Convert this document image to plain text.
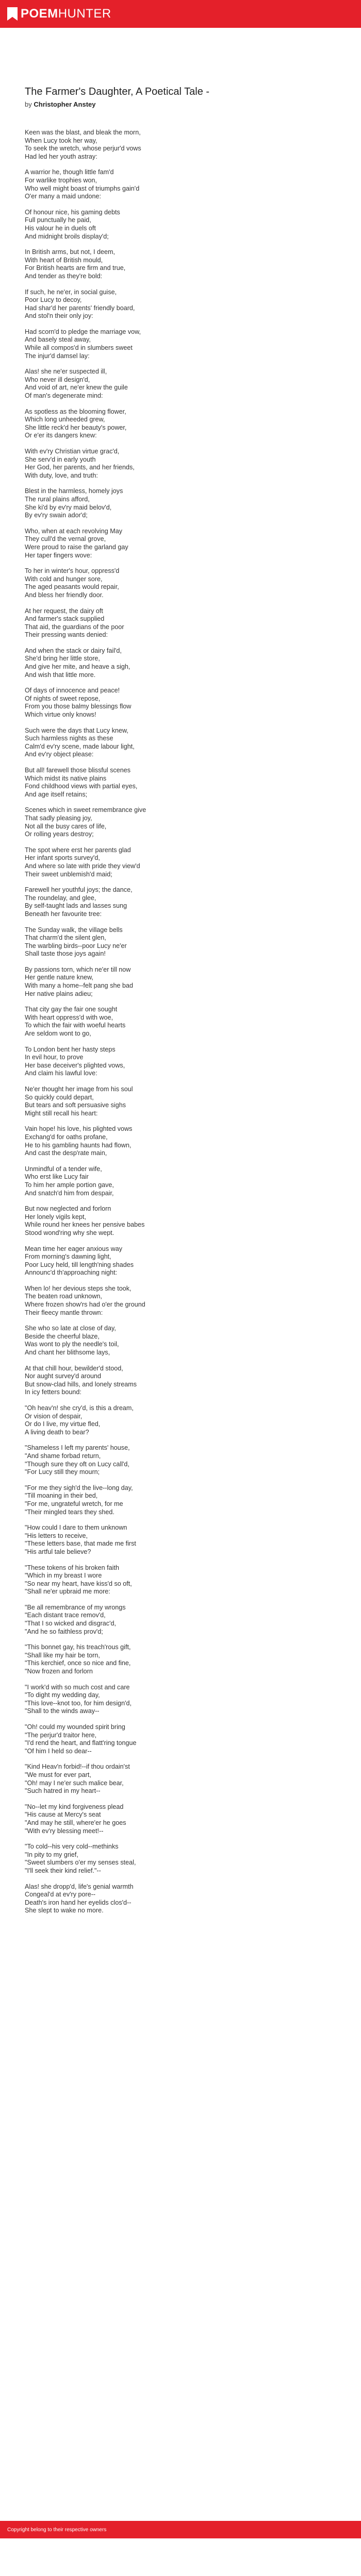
POEMHUNTER
The Farmer's Daughter, A Poetical Tale -

by Christopher Anstey

Keen was the blast, and bleak the morn,
When Lucy took her way,
To seek the wretch, whose perjur'd vows
Had led her youth astray:
A warrior he, though little fam'd
For warlike trophies won,
Who well might boast of triumphs gain'd
O'er many a maid undone:
Of honour nice, his gaming debts
Full punctually he paid,
His valour he in duels oft
And midnight broils display'd;
In British arms, but not, I deem,
With heart of British mould,
For British hearts are firm and true,
And tender as they're bold:
If such, he ne'er, in social guise,
Poor Lucy to decoy,
Had shar'd her parents' friendly board,
And stol'n their only joy:
Had scorn'd to pledge the marriage vow,
And basely steal away,
While all compos'd in slumbers sweet
The injur'd damsel lay:
Alas! she ne'er suspected ill,
Who never ill design'd,
And void of art, ne'er knew the guile
Of man's degenerate mind:
As spotless as the blooming flower,
Which long unheeded grew,
She little reck'd her beauty's power,
Or e'er its dangers knew:
With ev'ry Christian virtue grac'd,
She serv'd in early youth
Her God, her parents, and her friends,
With duty, love, and truth:
Blest in the harmless, homely joys
The rural plains afford,
She ki'd by ev'ry maid belov'd,
By ev'ry swain ador'd;
Who, when at each revolving May
They cull'd the vernal grove,
Were proud to raise the garland gay
Her taper fingers wove:
To her in winter's hour, oppress'd
With cold and hunger sore,
The aged peasants would repair,
And bless her friendly door.
At her request, the dairy oft
And farmer's stack supplied
That aid, the guardians of the poor
Their pressing wants denied:
And when the stack or dairy fail'd,
She'd bring her little store,
And give her mite, and heave a sigh,
And wish that little more.
Of days of innocence and peace!
Of nights of sweet repose,
From you those balmy blessings flow
Which virtue only knows!
Such were the days that Lucy knew,
Such harmless nights as these
Calm'd ev'ry scene, made labour light,
And ev'ry object please:
But all! farewell those blissful scenes
Which midst its native plains
Fond childhood views with partial eyes,
And age itself retains;
Scenes which in sweet remembrance give
That sadly pleasing joy,
Not all the busy cares of life,
Or rolling years destroy;
The spot where erst her parents glad
Her infant sports survey'd,
And where so late with pride they view'd
Their sweet unblemish'd maid;
Farewell her youthful joys; the dance,
The roundelay, and glee,
By self-taught lads and lasses sung
Beneath her favourite tree:
The Sunday walk, the village bells
That charm'd the silent glen,
The warbling birds--poor Lucy ne'er
Shall taste those joys again!
By passions torn, which ne'er till now
Her gentle nature knew,
With many a home--felt pang she bad
Her native plains adieu;
That city gay the fair one sought
With heart oppress'd with woe,
To which the fair with woeful hearts
Are seldom wont to go,
To London bent her hasty steps
In evil hour, to prove
Her base deceiver's plighted vows,
And claim his lawful love:
Ne'er thought her image from his soul
So quickly could depart,
But tears and soft persuasive sighs
Might still recall his heart:
Vain hope! his love, his plighted vows
Exchang'd for oaths profane,
He to his gambling haunts had flown,
And cast the desp'rate main,
Unmindful of a tender wife,
Who erst like Lucy fair
To him her ample portion gave,
And snatch'd him from despair,
But now neglected and forlorn
Her lonely vigils kept,
While round her knees her pensive babes
Stood wond'ring why she wept.
Mean time her eager anxious way
From morning's dawning light,
Poor Lucy held, till length'ning shades
Announc'd th'approaching night:
When lo! her devious steps she took,
The beaten road unknown,
Where frozen show'rs had o'er the ground
Their fleecy mantle thrown:
She who so late at close of day,
Beside the cheerful blaze,
Was wont to ply the needle's toil,
And chant her blithsome lays,
At that chill hour, bewilder'd stood,
Nor aught survey'd around
But snow-clad hills, and lonely streams
In icy fetters bound:
"Oh heav'n! she cry'd, is this a dream,
Or vision of despair,
Or do I live, my virtue fled,
A living death to bear?
"Shameless I left my parents' house,
"And shame forbad return,
"Though sure they oft on Lucy call'd,
"For Lucy still they mourn;
"For me they sigh'd the live--long day,
"Till moaning in their bed,
"For me, ungrateful wretch, for me
"Their mingled tears they shed.
"How could I dare to them unknown
"His letters to receive,
"These letters base, that made me first
"His artful tale believe?
"These tokens of his broken faith
"Which in my breast I wore
"So near my heart, have kiss'd so oft,
"Shall ne'er upbraid me more:
"Be all remembrance of my wrongs
"Each distant trace remov'd,
"That I so wicked and disgrac'd,
"And he so faithless prov'd;
"This bonnet gay, his treach'rous gift,
"Shall like my hair be torn,
"This kerchief, once so nice and fine,
"Now frozen and forlorn
"I work'd with so much cost and care
"To dight my wedding day,
"This love--knot too, for him design'd,
"Shall to the winds away--
"Oh! could my wounded spirit bring
"The perjur'd traitor here,
"I'd rend the heart, and flatt'ring tongue
"Of him I held so dear--
"Kind Heav'n forbid!--if thou ordain'st
"We must for ever part,
"Oh! may I ne'er such malice bear,
"Such hatred in my heart--
"No--let my kind forgiveness plead
"His cause at Mercy's seat
"And may he still, where'er he goes
"With ev'ry blessing meet!--
"To cold--his very cold--methinks
"In pity to my grief,
"Sweet slumbers o'er my senses steal,
"I'll seek their kind relief."--
Alas! she dropp'd, life's genial warmth
Congeal'd at ev'ry pore--
Death's iron hand her eyelids clos'd--
She slept to wake no more.
Copyright belong to their respective owners
